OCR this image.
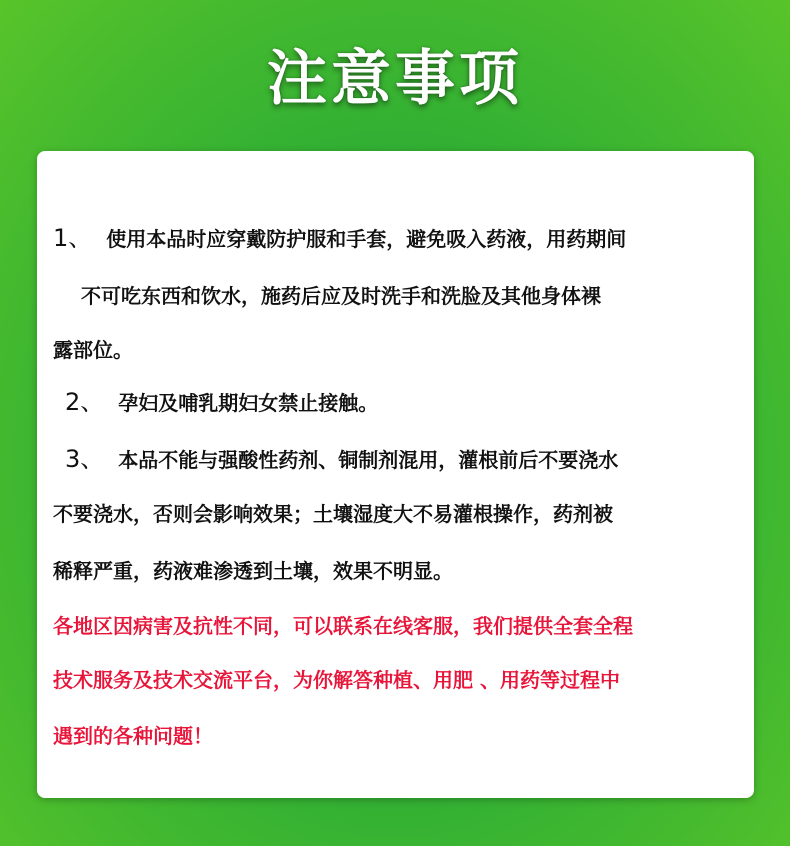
注意事项
1、 使用本品时应穿戴防护服和手套，避免吸入药液，用药期间
不可吃东西和饮水，施药后应及时洗手和洗脸及其他身体裸
露部位。
2、 孕妇及哺乳期妇女禁止接触。
3、 本品不能与强酸性药剂、铜制剂混用，灌根前后不要浇水
不要浇水，否则会影响效果；土壤湿度大不易灌根操作，药剂被
稀释严重，药液难渗透到土壤，效果不明显。
各地区因病害及抗性不同，可以联系在线客服，我们提供全套全程
技术服务及技术交流平台，为你解答种植、用肥 、用药等过程中
遇到的各种问题！
